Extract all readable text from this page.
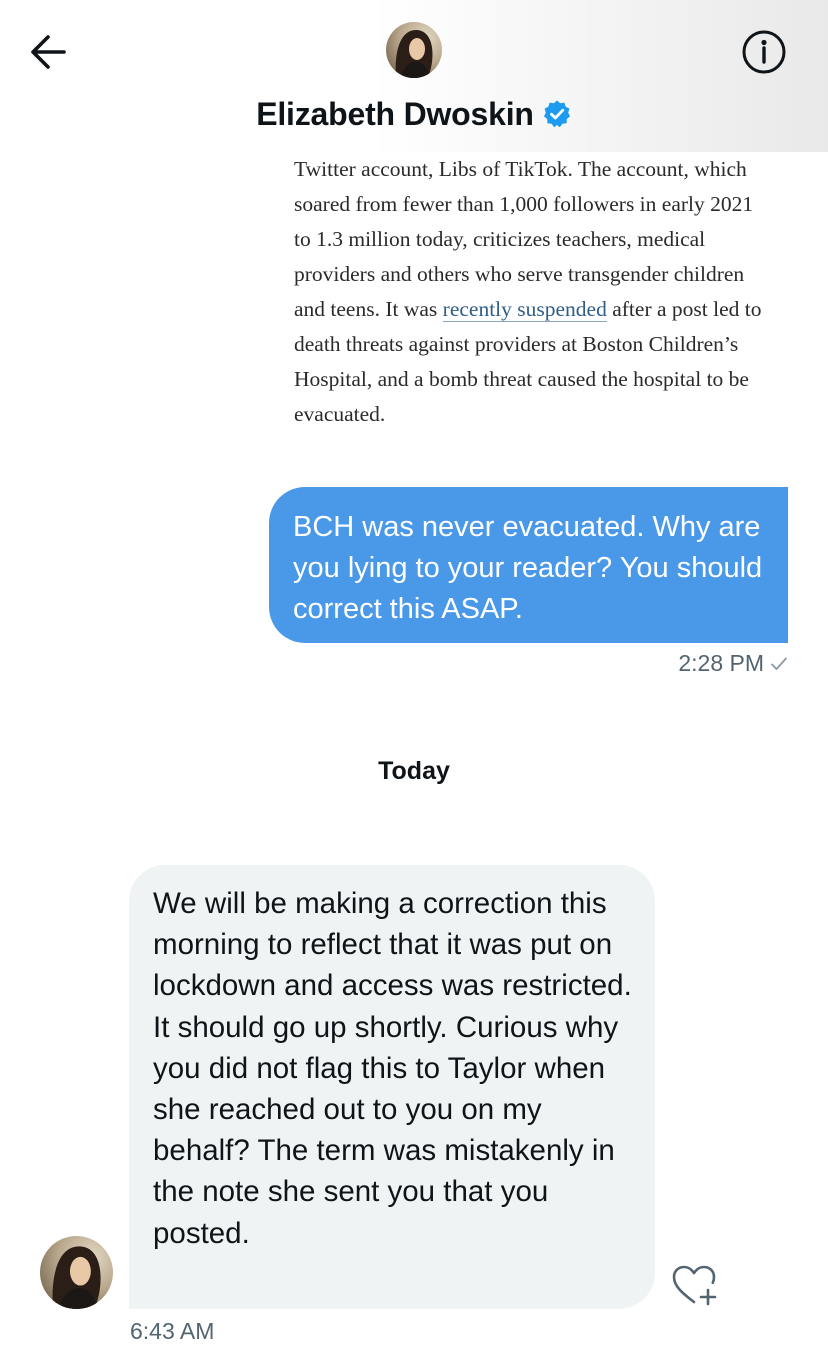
Elizabeth Dwoskin
Twitter account, Libs of TikTok. The account, which soared from fewer than 1,000 followers in early 2021 to 1.3 million today, criticizes teachers, medical providers and others who serve transgender children and teens. It was recently suspended after a post led to death threats against providers at Boston Children’s Hospital, and a bomb threat caused the hospital to be evacuated.
BCH was never evacuated. Why are you lying to your reader? You should correct this ASAP.
2:28 PM
Today
We will be making a correction this morning to reflect that it was put on lockdown and access was restricted. It should go up shortly. Curious why you did not flag this to Taylor when she reached out to you on my behalf? The term was mistakenly in the note she sent you that you posted.
6:43 AM
